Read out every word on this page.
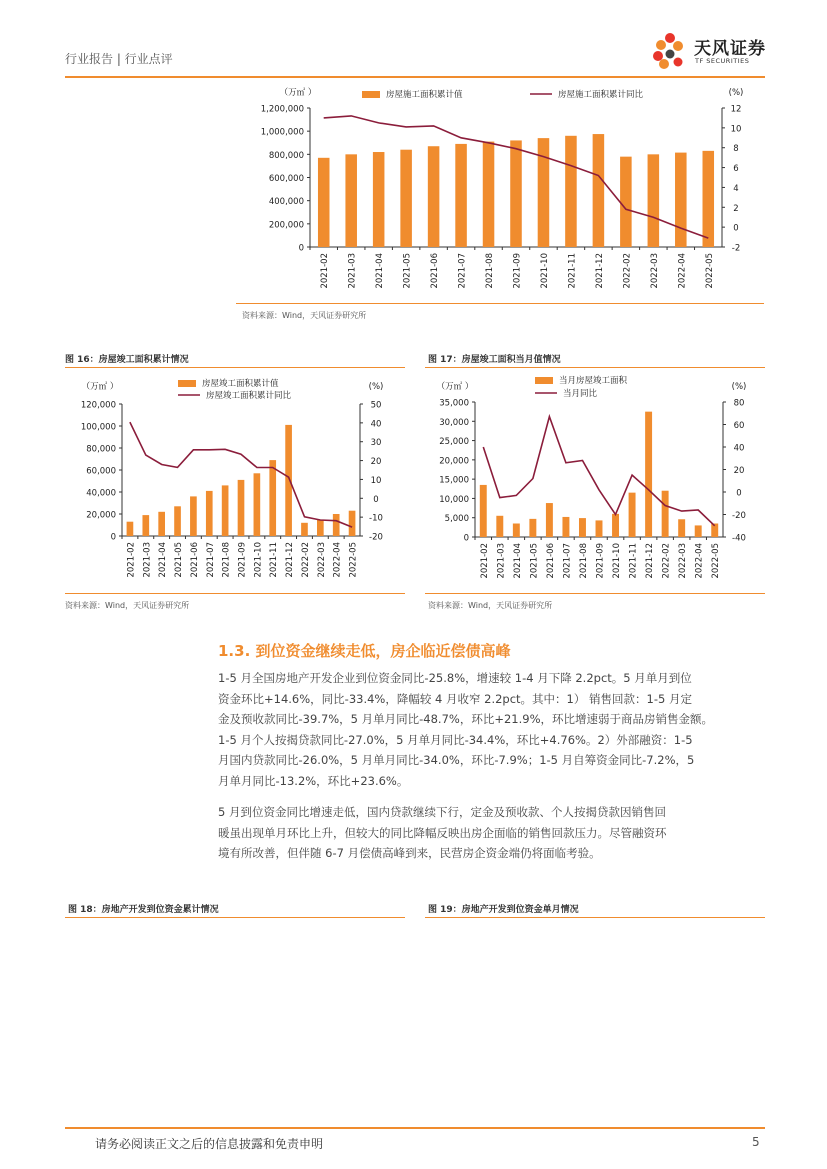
行业报告 | 行业点评	天风证券
TF SECURITIES
0
200,000
400,000
600,000
800,000
1,000,000
1,200,000
-2
0
2
4
6
8
10
12
2021-02 2021-03 2021-04 2021-05 2021-06 2021-07 2021-08 2021-09 2021-10 2021-11 2021-12 2022-02 2022-03 2022-04 2022-05
（万㎡ ）	(%)
房屋施工面积累计值	房屋施工面积累计同比
资料来源：Wind，天风证券研究所
图 16：房屋竣工面积累计情况
0
20,000
40,000
60,000
80,000
100,000
120,000
-20
-10
0
10
20
30
40
50
2021-02 2021-03 2021-04 2021-05 2021-06 2021-07 2021-08 2021-09 2021-10 2021-11 2021-12 2022-02 2022-03 2022-04 2022-05
（万㎡ ）	(%)
房屋竣工面积累计值
房屋竣工面积累计同比
资料来源：Wind，天风证券研究所
图 17：房屋竣工面积当月值情况
0
5,000
10,000
15,000
20,000
25,000
30,000
35,000
-40
-20
0
20
40
60
80
2021-02 2021-03 2021-04 2021-05 2021-06 2021-07 2021-08 2021-09 2021-10 2021-11 2021-12 2022-02 2022-03 2022-04 2022-05
（万㎡ ）	(%)
当月房屋竣工面积
当月同比
资料来源：Wind，天风证券研究所
1.3. 到位资金继续走低，房企临近偿债高峰
1-5 月全国房地产开发企业到位资金同比-25.8%，增速较 1-4 月下降 2.2pct。5 月单月到位
资金环比+14.6%，同比-33.4%，降幅较 4 月收窄 2.2pct。其中：1） 销售回款：1-5 月定
金及预收款同比-39.7%，5 月单月同比-48.7%，环比+21.9%，环比增速弱于商品房销售金额。
1-5 月个人按揭贷款同比-27.0%，5 月单月同比-34.4%，环比+4.76%。2）外部融资：1-5
月国内贷款同比-26.0%，5 月单月同比-34.0%，环比-7.9%；1-5 月自筹资金同比-7.2%，5
月单月同比-13.2%，环比+23.6%。
5 月到位资金同比增速走低，国内贷款继续下行，定金及预收款、个人按揭贷款因销售回
暖虽出现单月环比上升，但较大的同比降幅反映出房企面临的销售回款压力。尽管融资环
境有所改善，但伴随 6-7 月偿债高峰到来，民营房企资金端仍将面临考验。
图 18：房地产开发到位资金累计情况	图 19：房地产开发到位资金单月情况
请务必阅读正文之后的信息披露和免责申明	5
